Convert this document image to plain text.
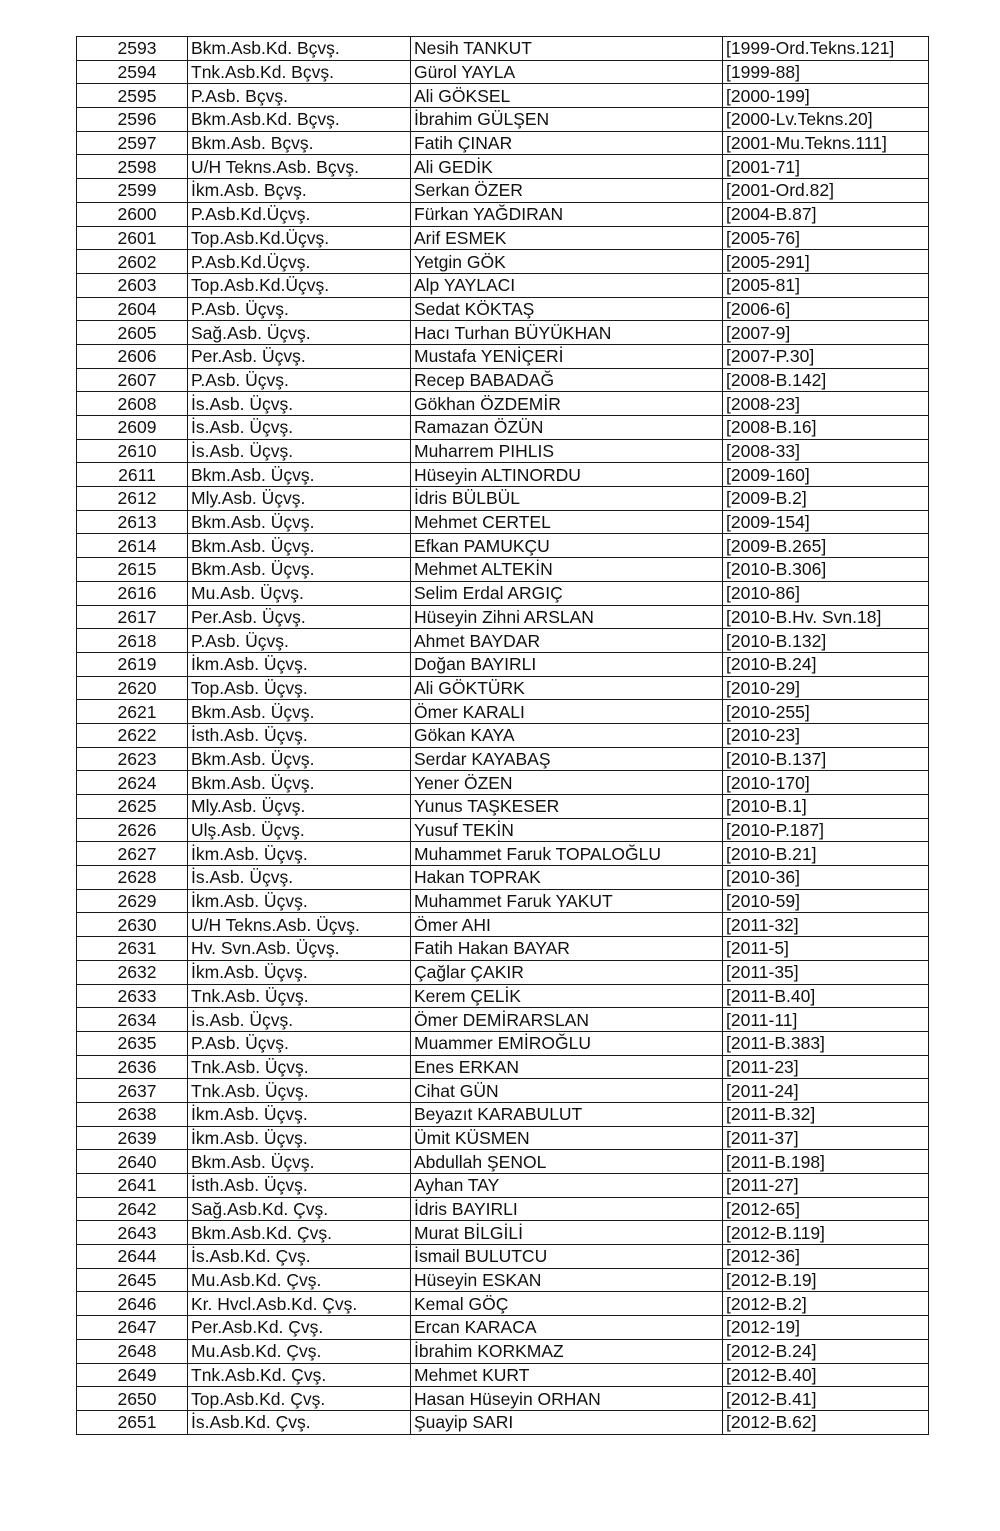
2593	Bkm.Asb.Kd. Bçvş.	Nesih TANKUT	[1999-Ord.Tekns.121]
2594	Tnk.Asb.Kd. Bçvş.	Gürol YAYLA	[1999-88]
2595	P.Asb. Bçvş.	Ali GÖKSEL	[2000-199]
2596	Bkm.Asb.Kd. Bçvş.	İbrahim GÜLŞEN	[2000-Lv.Tekns.20]
2597	Bkm.Asb. Bçvş.	Fatih ÇINAR	[2001-Mu.Tekns.111]
2598	U/H Tekns.Asb. Bçvş.	Ali GEDİK	[2001-71]
2599	İkm.Asb. Bçvş.	Serkan ÖZER	[2001-Ord.82]
2600	P.Asb.Kd.Üçvş.	Fürkan YAĞDIRAN	[2004-B.87]
2601	Top.Asb.Kd.Üçvş.	Arif ESMEK	[2005-76]
2602	P.Asb.Kd.Üçvş.	Yetgin GÖK	[2005-291]
2603	Top.Asb.Kd.Üçvş.	Alp YAYLACI	[2005-81]
2604	P.Asb. Üçvş.	Sedat KÖKTAŞ	[2006-6]
2605	Sağ.Asb. Üçvş.	Hacı Turhan BÜYÜKHAN	[2007-9]
2606	Per.Asb. Üçvş.	Mustafa YENİÇERİ	[2007-P.30]
2607	P.Asb. Üçvş.	Recep BABADAĞ	[2008-B.142]
2608	İs.Asb. Üçvş.	Gökhan ÖZDEMİR	[2008-23]
2609	İs.Asb. Üçvş.	Ramazan ÖZÜN	[2008-B.16]
2610	İs.Asb. Üçvş.	Muharrem PIHLIS	[2008-33]
2611	Bkm.Asb. Üçvş.	Hüseyin ALTINORDU	[2009-160]
2612	Mly.Asb. Üçvş.	İdris BÜLBÜL	[2009-B.2]
2613	Bkm.Asb. Üçvş.	Mehmet CERTEL	[2009-154]
2614	Bkm.Asb. Üçvş.	Efkan PAMUKÇU	[2009-B.265]
2615	Bkm.Asb. Üçvş.	Mehmet ALTEKİN	[2010-B.306]
2616	Mu.Asb. Üçvş.	Selim Erdal ARGIÇ	[2010-86]
2617	Per.Asb. Üçvş.	Hüseyin Zihni ARSLAN	[2010-B.Hv. Svn.18]
2618	P.Asb. Üçvş.	Ahmet BAYDAR	[2010-B.132]
2619	İkm.Asb. Üçvş.	Doğan BAYIRLI	[2010-B.24]
2620	Top.Asb. Üçvş.	Ali GÖKTÜRK	[2010-29]
2621	Bkm.Asb. Üçvş.	Ömer KARALI	[2010-255]
2622	İsth.Asb. Üçvş.	Gökan KAYA	[2010-23]
2623	Bkm.Asb. Üçvş.	Serdar KAYABAŞ	[2010-B.137]
2624	Bkm.Asb. Üçvş.	Yener ÖZEN	[2010-170]
2625	Mly.Asb. Üçvş.	Yunus TAŞKESER	[2010-B.1]
2626	Ulş.Asb. Üçvş.	Yusuf TEKİN	[2010-P.187]
2627	İkm.Asb. Üçvş.	Muhammet Faruk TOPALOĞLU	[2010-B.21]
2628	İs.Asb. Üçvş.	Hakan TOPRAK	[2010-36]
2629	İkm.Asb. Üçvş.	Muhammet Faruk YAKUT	[2010-59]
2630	U/H Tekns.Asb. Üçvş.	Ömer AHI	[2011-32]
2631	Hv. Svn.Asb. Üçvş.	Fatih Hakan BAYAR	[2011-5]
2632	İkm.Asb. Üçvş.	Çağlar ÇAKIR	[2011-35]
2633	Tnk.Asb. Üçvş.	Kerem ÇELİK	[2011-B.40]
2634	İs.Asb. Üçvş.	Ömer DEMİRARSLAN	[2011-11]
2635	P.Asb. Üçvş.	Muammer EMİROĞLU	[2011-B.383]
2636	Tnk.Asb. Üçvş.	Enes ERKAN	[2011-23]
2637	Tnk.Asb. Üçvş.	Cihat GÜN	[2011-24]
2638	İkm.Asb. Üçvş.	Beyazıt KARABULUT	[2011-B.32]
2639	İkm.Asb. Üçvş.	Ümit KÜSMEN	[2011-37]
2640	Bkm.Asb. Üçvş.	Abdullah ŞENOL	[2011-B.198]
2641	İsth.Asb. Üçvş.	Ayhan TAY	[2011-27]
2642	Sağ.Asb.Kd. Çvş.	İdris BAYIRLI	[2012-65]
2643	Bkm.Asb.Kd. Çvş.	Murat BİLGİLİ	[2012-B.119]
2644	İs.Asb.Kd. Çvş.	İsmail BULUTCU	[2012-36]
2645	Mu.Asb.Kd. Çvş.	Hüseyin ESKAN	[2012-B.19]
2646	Kr. Hvcl.Asb.Kd. Çvş.	Kemal GÖÇ	[2012-B.2]
2647	Per.Asb.Kd. Çvş.	Ercan KARACA	[2012-19]
2648	Mu.Asb.Kd. Çvş.	İbrahim KORKMAZ	[2012-B.24]
2649	Tnk.Asb.Kd. Çvş.	Mehmet KURT	[2012-B.40]
2650	Top.Asb.Kd. Çvş.	Hasan Hüseyin ORHAN	[2012-B.41]
2651	İs.Asb.Kd. Çvş.	Şuayip SARI	[2012-B.62]
